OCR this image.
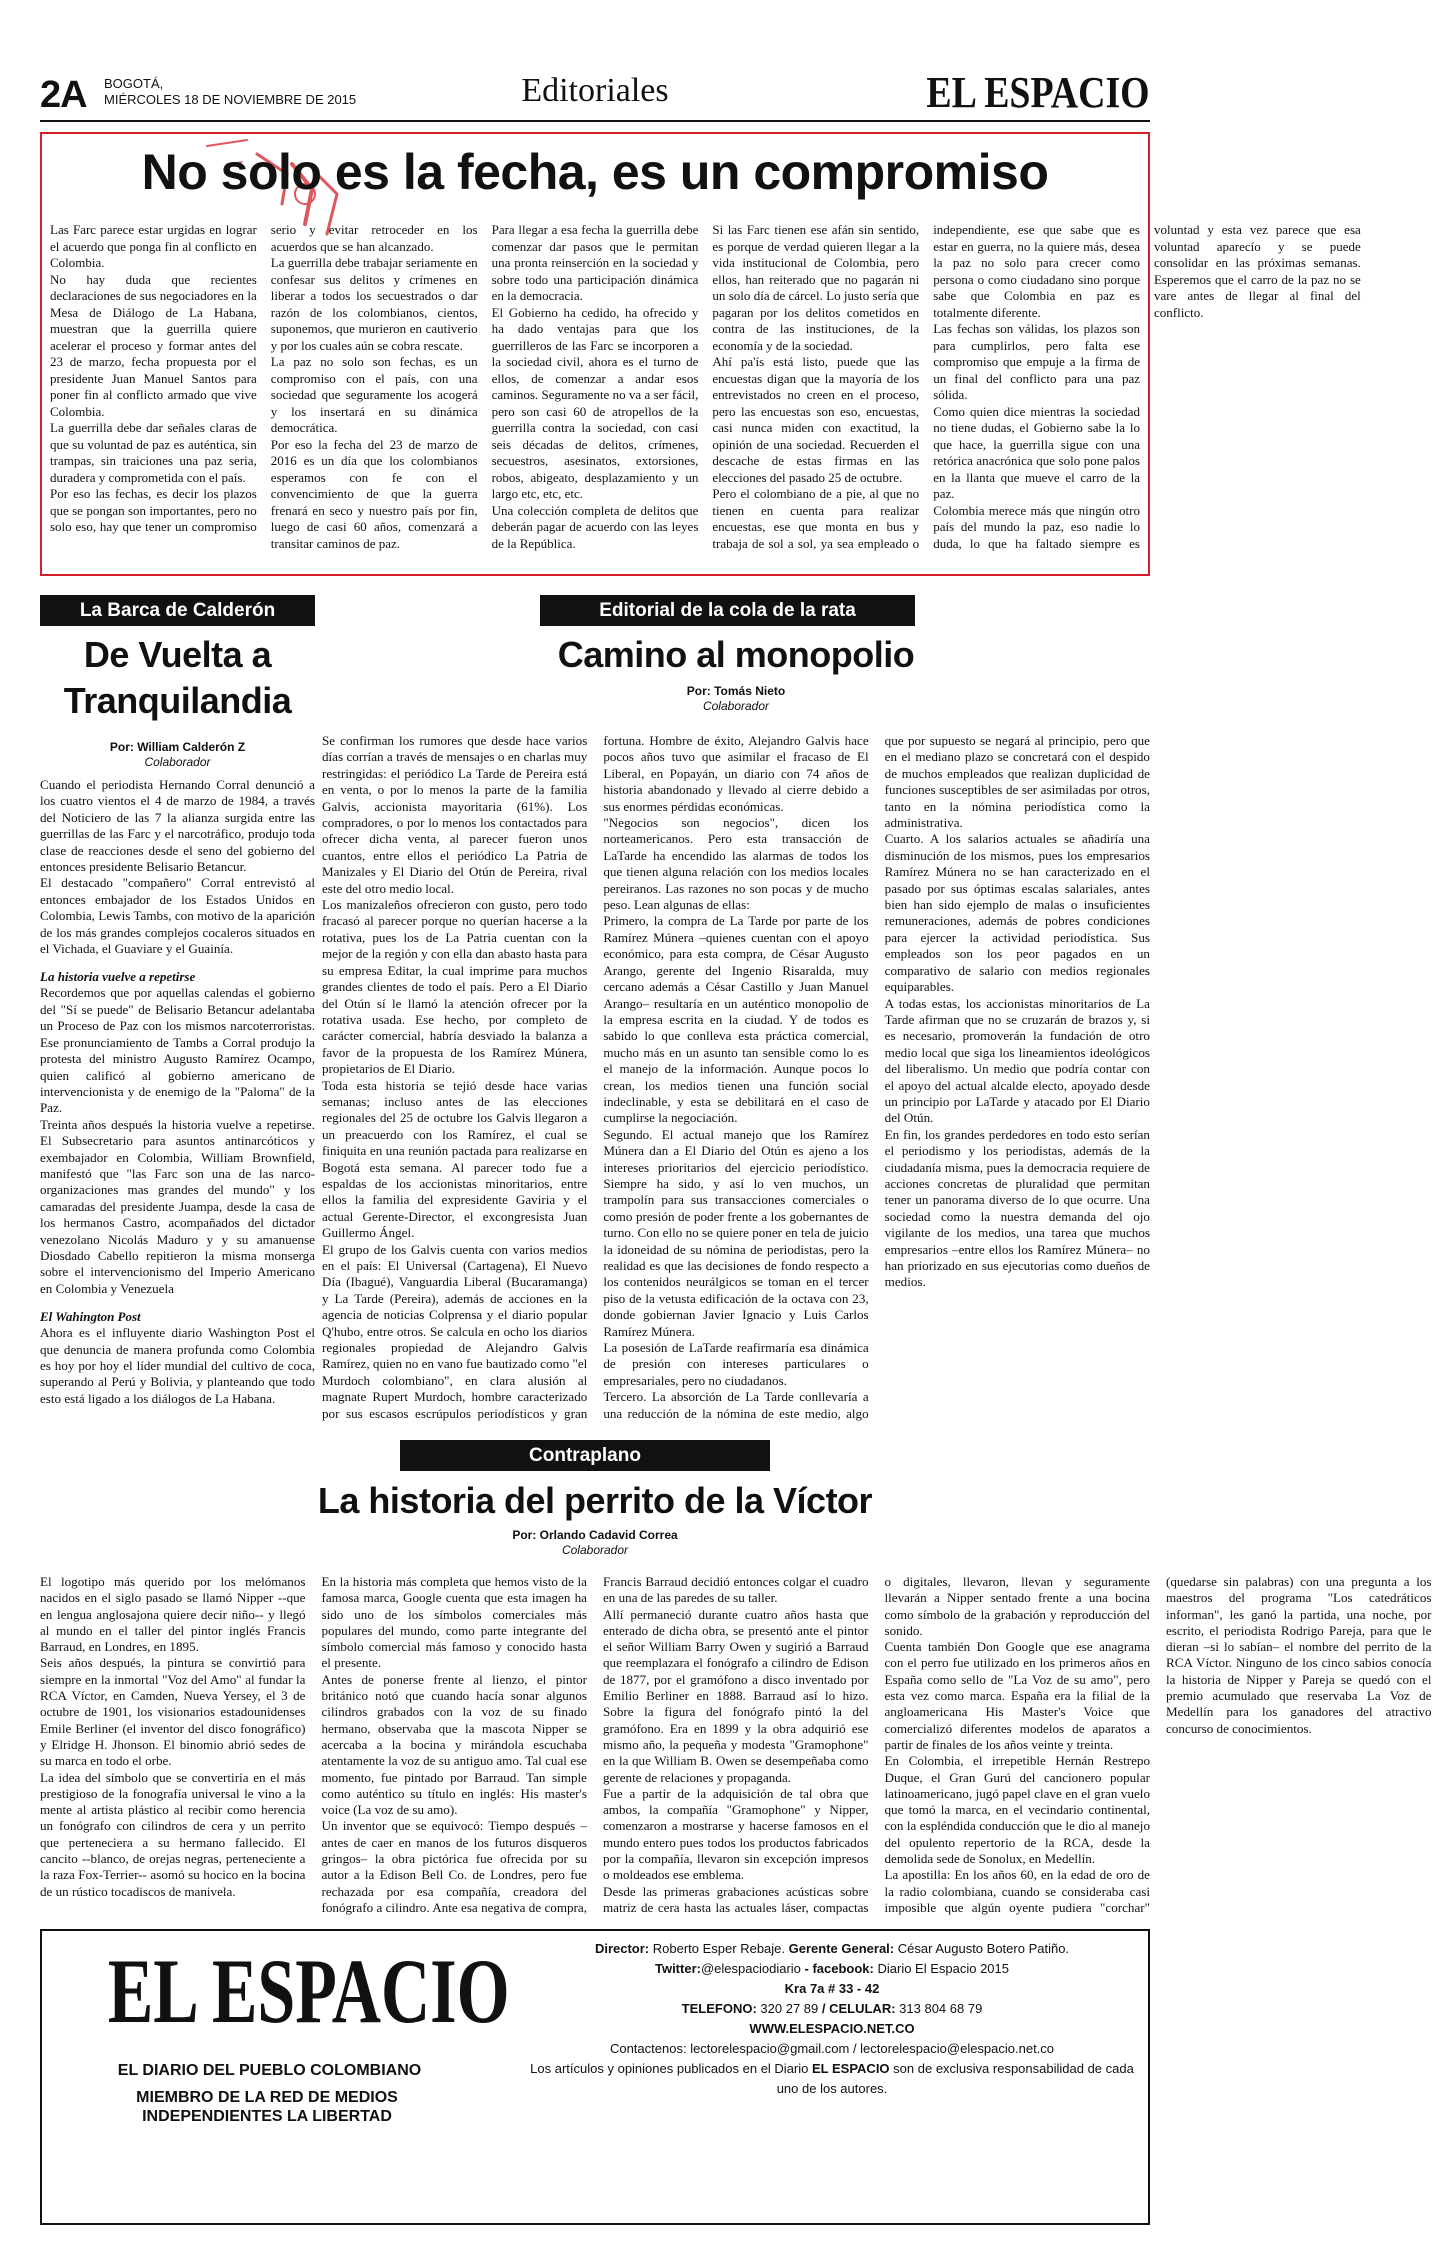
2A BOGOTÁ,
MIÉRCOLES 18 DE NOVIEMBRE DE 2015	Editoriales	EL ESPACIO
No solo es la fecha, es un compromiso

Las Farc parece estar urgidas en lograr el acuerdo que ponga fin al conflicto en Colombia.

No hay duda que recientes declaraciones de sus negociadores en la Mesa de Diálogo de La Habana, muestran que la guerrilla quiere acelerar el proceso y formar antes del 23 de marzo, fecha propuesta por el presidente Juan Manuel Santos para poner fin al conflicto armado que vive Colombia.

La guerrilla debe dar señales claras de que su voluntad de paz es auténtica, sin trampas, sin traiciones una paz seria, duradera y comprometida con el país.

Por eso las fechas, es decir los plazos que se pongan son importantes, pero no solo eso, hay que tener un compromiso serio y evitar retroceder en los acuerdos que se han alcanzado.

La guerrilla debe trabajar seriamente en confesar sus delitos y crímenes en liberar a todos los secuestrados o dar razón de los colombianos, cientos, suponemos, que murieron en cautiverio y por los cuales aún se cobra rescate.

La paz no solo son fechas, es un compromiso con el país, con una sociedad que seguramente los acogerá y los insertará en su dinámica democrática.

Por eso la fecha del 23 de marzo de 2016 es un día que los colombianos esperamos con fe con el convencimiento de que la guerra frenará en seco y nuestro país por fin, luego de casi 60 años, comenzará a transitar caminos de paz.

Para llegar a esa fecha la guerrilla debe comenzar dar pasos que le permitan una pronta reinserción en la sociedad y sobre todo una participación dinámica en la democracia.

El Gobierno ha cedido, ha ofrecido y ha dado ventajas para que los guerrilleros de las Farc se incorporen a la sociedad civil, ahora es el turno de ellos, de comenzar a andar esos caminos. Seguramente no va a ser fácil, pero son casi 60 de atropellos de la guerrilla contra la sociedad, con casi seis décadas de delitos, crímenes, secuestros, asesinatos, extorsiones, robos, abigeato, desplazamiento y un largo etc, etc, etc.

Una colección completa de delitos que deberán pagar de acuerdo con las leyes de la República.

Si las Farc tienen ese afán sin sentido, es porque de verdad quieren llegar a la vida institucional de Colombia, pero ellos, han reiterado que no pagarán ni un solo día de cárcel. Lo justo sería que pagaran por los delitos cometidos en contra de las instituciones, de la economía y de la sociedad.

Ahí pa'ís está listo, puede que las encuestas digan que la mayoría de los entrevistados no creen en el proceso, pero las encuestas son eso, encuestas, casi nunca miden con exactitud, la opinión de una sociedad. Recuerden el descache de estas firmas en las elecciones del pasado 25 de octubre.

Pero el colombiano de a pie, al que no tienen en cuenta para realizar encuestas, ese que monta en bus y trabaja de sol a sol, ya sea empleado o independiente, ese que sabe que es estar en guerra, no la quiere más, desea la paz no solo para crecer como persona o como ciudadano sino porque sabe que Colombia en paz es totalmente diferente.

Las fechas son válidas, los plazos son para cumplirlos, pero falta ese compromiso que empuje a la firma de un final del conflicto para una paz sólida.

Como quien dice mientras la sociedad no tiene dudas, el Gobierno sabe la lo que hace, la guerrilla sigue con una retórica anacrónica que solo pone palos en la llanta que mueve el carro de la paz.

Colombia merece más que ningún otro país del mundo la paz, eso nadie lo duda, lo que ha faltado siempre es voluntad y esta vez parece que esa voluntad aparecío y se puede consolidar en las próximas semanas. Esperemos que el carro de la paz no se vare antes de llegar al final del conflicto.

La Barca de Calderón
De Vuelta a Tranquilandia
Por: William Calderón Z
Colaborador

Cuando el periodista Hernando Corral denunció a los cuatro vientos el 4 de marzo de 1984, a través del Noticiero de las 7 la alianza surgida entre las guerrillas de las Farc y el narcotráfico, produjo toda clase de reacciones desde el seno del gobierno del entonces presidente Belisario Betancur.

El destacado "compañero" Corral entrevistó al entonces embajador de los Estados Unidos en Colombia, Lewis Tambs, con motivo de la aparición de los más grandes complejos cocaleros situados en el Vichada, el Guaviare y el Guainía.

La historia vuelve a repetirse

Recordemos que por aquellas calendas el gobierno del "Sí se puede" de Belisario Betancur adelantaba un Proceso de Paz con los mismos narcoterroristas. Ese pronunciamiento de Tambs a Corral produjo la protesta del ministro Augusto Ramírez Ocampo, quien calificó al gobierno americano de intervencionista y de enemigo de la "Paloma" de la Paz.

Treinta años después la historia vuelve a repetirse. El Subsecretario para asuntos antinarcóticos y exembajador en Colombia, William Brownfield, manifestó que "las Farc son una de las narco-organizaciones mas grandes del mundo" y los camaradas del presidente Juampa, desde la casa de los hermanos Castro, acompañados del dictador venezolano Nicolás Maduro y y su amanuense Diosdado Cabello repitieron la misma monserga sobre el intervencionismo del Imperio Americano en Colombia y Venezuela

El Wahington Post

Ahora es el influyente diario Washington Post el que denuncia de manera profunda como Colombia es hoy por hoy el líder mundial del cultivo de coca, superando al Perú y Bolivia, y planteando que todo esto está ligado a los diálogos de La Habana.

Editorial de la cola de la rata
Camino al monopolio
Por: Tomás Nieto
Colaborador

Se confirman los rumores que desde hace varios días corrían a través de mensajes o en charlas muy restringidas: el periódico La Tarde de Pereira está en venta, o por lo menos la parte de la familia Galvis, accionista mayoritaria (61%). Los compradores, o por lo menos los contactados para ofrecer dicha venta, al parecer fueron unos cuantos, entre ellos el periódico La Patria de Manizales y El Diario del Otún de Pereira, rival este del otro medio local.

Los manizaleños ofrecieron con gusto, pero todo fracasó al parecer porque no querían hacerse a la rotativa, pues los de La Patria cuentan con la mejor de la región y con ella dan abasto hasta para su empresa Editar, la cual imprime para muchos grandes clientes de todo el país. Pero a El Diario del Otún sí le llamó la atención ofrecer por la rotativa usada. Ese hecho, por completo de carácter comercial, habría desviado la balanza a favor de la propuesta de los Ramírez Múnera, propietarios de El Diario.

Toda esta historia se tejió desde hace varias semanas; incluso antes de las elecciones regionales del 25 de octubre los Galvis llegaron a un preacuerdo con los Ramírez, el cual se finiquita en una reunión pactada para realizarse en Bogotá esta semana. Al parecer todo fue a espaldas de los accionistas minoritarios, entre ellos la familia del expresidente Gaviria y el actual Gerente-Director, el excongresista Juan Guillermo Ángel.

El grupo de los Galvis cuenta con varios medios en el país: El Universal (Cartagena), El Nuevo Día (Ibagué), Vanguardia Liberal (Bucaramanga) y La Tarde (Pereira), además de acciones en la agencia de noticias Colprensa y el diario popular Q'hubo, entre otros. Se calcula en ocho los diarios regionales propiedad de Alejandro Galvis Ramírez, quien no en vano fue bautizado como "el Murdoch colombiano", en clara alusión al magnate Rupert Murdoch, hombre caracterizado por sus escasos escrúpulos periodísticos y gran fortuna. Hombre de éxito, Alejandro Galvis hace pocos años tuvo que asimilar el fracaso de El Liberal, en Popayán, un diario con 74 años de historia abandonado y llevado al cierre debido a sus enormes pérdidas económicas.

"Negocios son negocios", dicen los norteamericanos. Pero esta transacción de LaTarde ha encendido las alarmas de todos los que tienen alguna relación con los medios locales pereiranos. Las razones no son pocas y de mucho peso. Lean algunas de ellas:

Primero, la compra de La Tarde por parte de los Ramírez Múnera –quienes cuentan con el apoyo económico, para esta compra, de César Augusto Arango, gerente del Ingenio Risaralda, muy cercano además a César Castillo y Juan Manuel Arango– resultaría en un auténtico monopolio de la empresa escrita en la ciudad. Y de todos es sabido lo que conlleva esta práctica comercial, mucho más en un asunto tan sensible como lo es el manejo de la información. Aunque pocos lo crean, los medios tienen una función social indeclinable, y esta se debilitará en el caso de cumplirse la negociación.

Segundo. El actual manejo que los Ramírez Múnera dan a El Diario del Otún es ajeno a los intereses prioritarios del ejercicio periodístico. Siempre ha sido, y así lo ven muchos, un trampolín para sus transacciones comerciales o como presión de poder frente a los gobernantes de turno. Con ello no se quiere poner en tela de juicio la idoneidad de su nómina de periodistas, pero la realidad es que las decisiones de fondo respecto a los contenidos neurálgicos se toman en el tercer piso de la vetusta edificación de la octava con 23, donde gobiernan Javier Ignacio y Luis Carlos Ramírez Múnera.

La posesión de LaTarde reafirmaría esa dinámica de presión con intereses particulares o empresariales, pero no ciudadanos.

Tercero. La absorción de La Tarde conllevaría a una reducción de la nómina de este medio, algo que por supuesto se negará al principio, pero que en el mediano plazo se concretará con el despido de muchos empleados que realizan duplicidad de funciones susceptibles de ser asimiladas por otros, tanto en la nómina periodística como la administrativa.

Cuarto. A los salarios actuales se añadiría una disminución de los mismos, pues los empresarios Ramírez Múnera no se han caracterizado en el pasado por sus óptimas escalas salariales, antes bien han sido ejemplo de malas o insuficientes remuneraciones, además de pobres condiciones para ejercer la actividad periodística. Sus empleados son los peor pagados en un comparativo de salario con medios regionales equiparables.

A todas estas, los accionistas minoritarios de La Tarde afirman que no se cruzarán de brazos y, si es necesario, promoverán la fundación de otro medio local que siga los lineamientos ideológicos del liberalismo. Un medio que podría contar con el apoyo del actual alcalde electo, apoyado desde un principio por LaTarde y atacado por El Diario del Otún.

En fin, los grandes perdedores en todo esto serían el periodismo y los periodistas, además de la ciudadanía misma, pues la democracia requiere de acciones concretas de pluralidad que permitan tener un panorama diverso de lo que ocurre. Una sociedad como la nuestra demanda del ojo vigilante de los medios, una tarea que muchos empresarios –entre ellos los Ramírez Múnera– no han priorizado en sus ejecutorias como dueños de medios.

Contraplano
La historia del perrito de la Víctor
Por: Orlando Cadavid Correa
Colaborador

El logotipo más querido por los melómanos nacidos en el siglo pasado se llamó Nipper --que en lengua anglosajona quiere decir niño-- y llegó al mundo en el taller del pintor inglés Francis Barraud, en Londres, en 1895.

Seis años después, la pintura se convirtió para siempre en la inmortal "Voz del Amo" al fundar la RCA Víctor, en Camden, Nueva Yersey, el 3 de octubre de 1901, los visionarios estadounidenses Emile Berliner (el inventor del disco fonográfico) y Elridge H. Jhonson. El binomio abrió sedes de su marca en todo el orbe.

La idea del símbolo que se convertiría en el más prestigioso de la fonografía universal le vino a la mente al artista plástico al recibir como herencia un fonógrafo con cilindros de cera y un perrito que perteneciera a su hermano fallecido. El cancito --blanco, de orejas negras, perteneciente a la raza Fox-Terrier-- asomó su hocico en la bocina de un rústico tocadiscos de manivela.

En la historia más completa que hemos visto de la famosa marca, Google cuenta que esta imagen ha sido uno de los símbolos comerciales más populares del mundo, como parte integrante del símbolo comercial más famoso y conocido hasta el presente.

Antes de ponerse frente al lienzo, el pintor británico notó que cuando hacía sonar algunos cilindros grabados con la voz de su finado hermano, observaba que la mascota Nipper se acercaba a la bocina y mirándola escuchaba atentamente la voz de su antiguo amo. Tal cual ese momento, fue pintado por Barraud. Tan simple como auténtico su título en inglés: His master's voice (La voz de su amo).

Un inventor que se equivocó: Tiempo después –antes de caer en manos de los futuros disqueros gringos– la obra pictórica fue ofrecida por su autor a la Edison Bell Co. de Londres, pero fue rechazada por esa compañía, creadora del fonógrafo a cilindro. Ante esa negativa de compra, Francis Barraud decidió entonces colgar el cuadro en una de las paredes de su taller.

Allí permaneció durante cuatro años hasta que enterado de dicha obra, se presentó ante el pintor el señor William Barry Owen y sugirió a Barraud que reemplazara el fonógrafo a cilindro de Edison de 1877, por el gramófono a disco inventado por Emilio Berliner en 1888. Barraud así lo hizo. Sobre la figura del fonógrafo pintó la del gramófono. Era en 1899 y la obra adquirió ese mismo año, la pequeña y modesta "Gramophone" en la que William B. Owen se desempeñaba como gerente de relaciones y propaganda.

Fue a partir de la adquisición de tal obra que ambos, la compañía "Gramophone" y Nipper, comenzaron a mostrarse y hacerse famosos en el mundo entero pues todos los productos fabricados por la compañía, llevaron sin excepción impresos o moldeados ese emblema.

Desde las primeras grabaciones acústicas sobre matriz de cera hasta las actuales láser, compactas o digitales, llevaron, llevan y seguramente llevarán a Nipper sentado frente a una bocina como símbolo de la grabación y reproducción del sonido.

Cuenta también Don Google que ese anagrama con el perro fue utilizado en los primeros años en España como sello de "La Voz de su amo", pero esta vez como marca. España era la filial de la angloamericana His Master's Voice que comercializó diferentes modelos de aparatos a partir de finales de los años veinte y treinta.

En Colombia, el irrepetible Hernán Restrepo Duque, el Gran Gurú del cancionero popular latinoamericano, jugó papel clave en el gran vuelo que tomó la marca, en el vecindario continental, con la espléndida conducción que le dio al manejo del opulento repertorio de la RCA, desde la demolida sede de Sonolux, en Medellín.

La apostilla: En los años 60, en la edad de oro de la radio colombiana, cuando se consideraba casi imposible que algún oyente pudiera "corchar" (quedarse sin palabras) con una pregunta a los maestros del programa "Los catedráticos informan", les ganó la partida, una noche, por escrito, el periodista Rodrigo Pareja, para que le dieran –si lo sabían– el nombre del perrito de la RCA Víctor. Ninguno de los cinco sabios conocía la historia de Nipper y Pareja se quedó con el premio acumulado que reservaba La Voz de Medellín para los ganadores del atractivo concurso de conocimientos.

EL ESPACIO
EL DIARIO DEL PUEBLO COLOMBIANO
MIEMBRO DE LA RED DE MEDIOS INDEPENDIENTES LA LIBERTAD
Director: Roberto Esper Rebaje. Gerente General: César Augusto Botero Patiño.
Twitter:@elespaciodiario - facebook: Diario El Espacio 2015
Kra 7a # 33 - 42
TELEFONO: 320 27 89 / CELULAR: 313 804 68 79
WWW.ELESPACIO.NET.CO
Contactenos: lectorelespacio@gmail.com / lectorelespacio@elespacio.net.co
Los artículos y opiniones publicados en el Diario EL ESPACIO son de exclusiva responsabilidad de cada uno de los autores.
